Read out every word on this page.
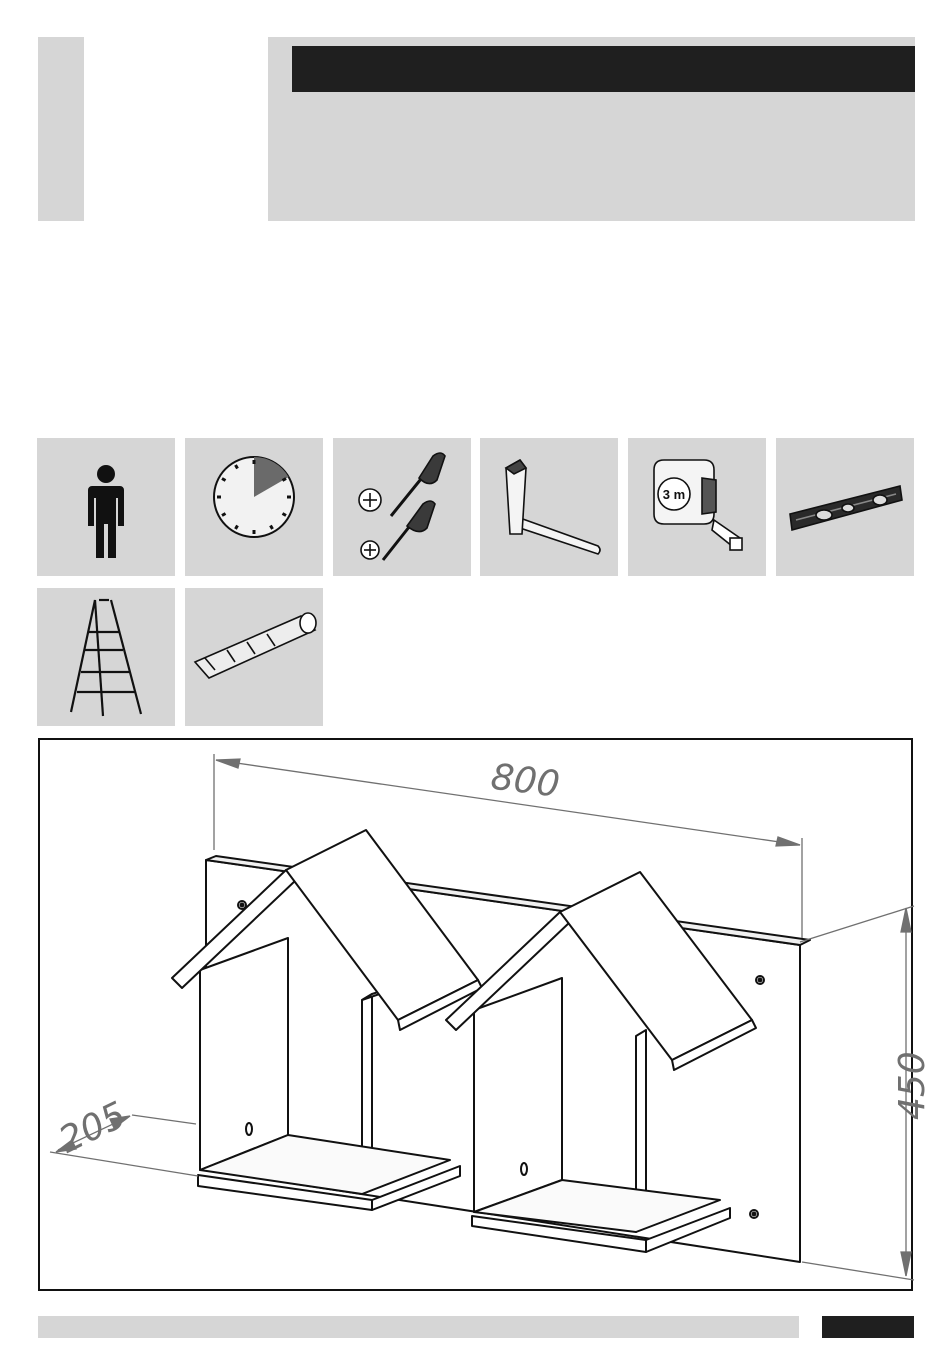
3 m
800
450
205
